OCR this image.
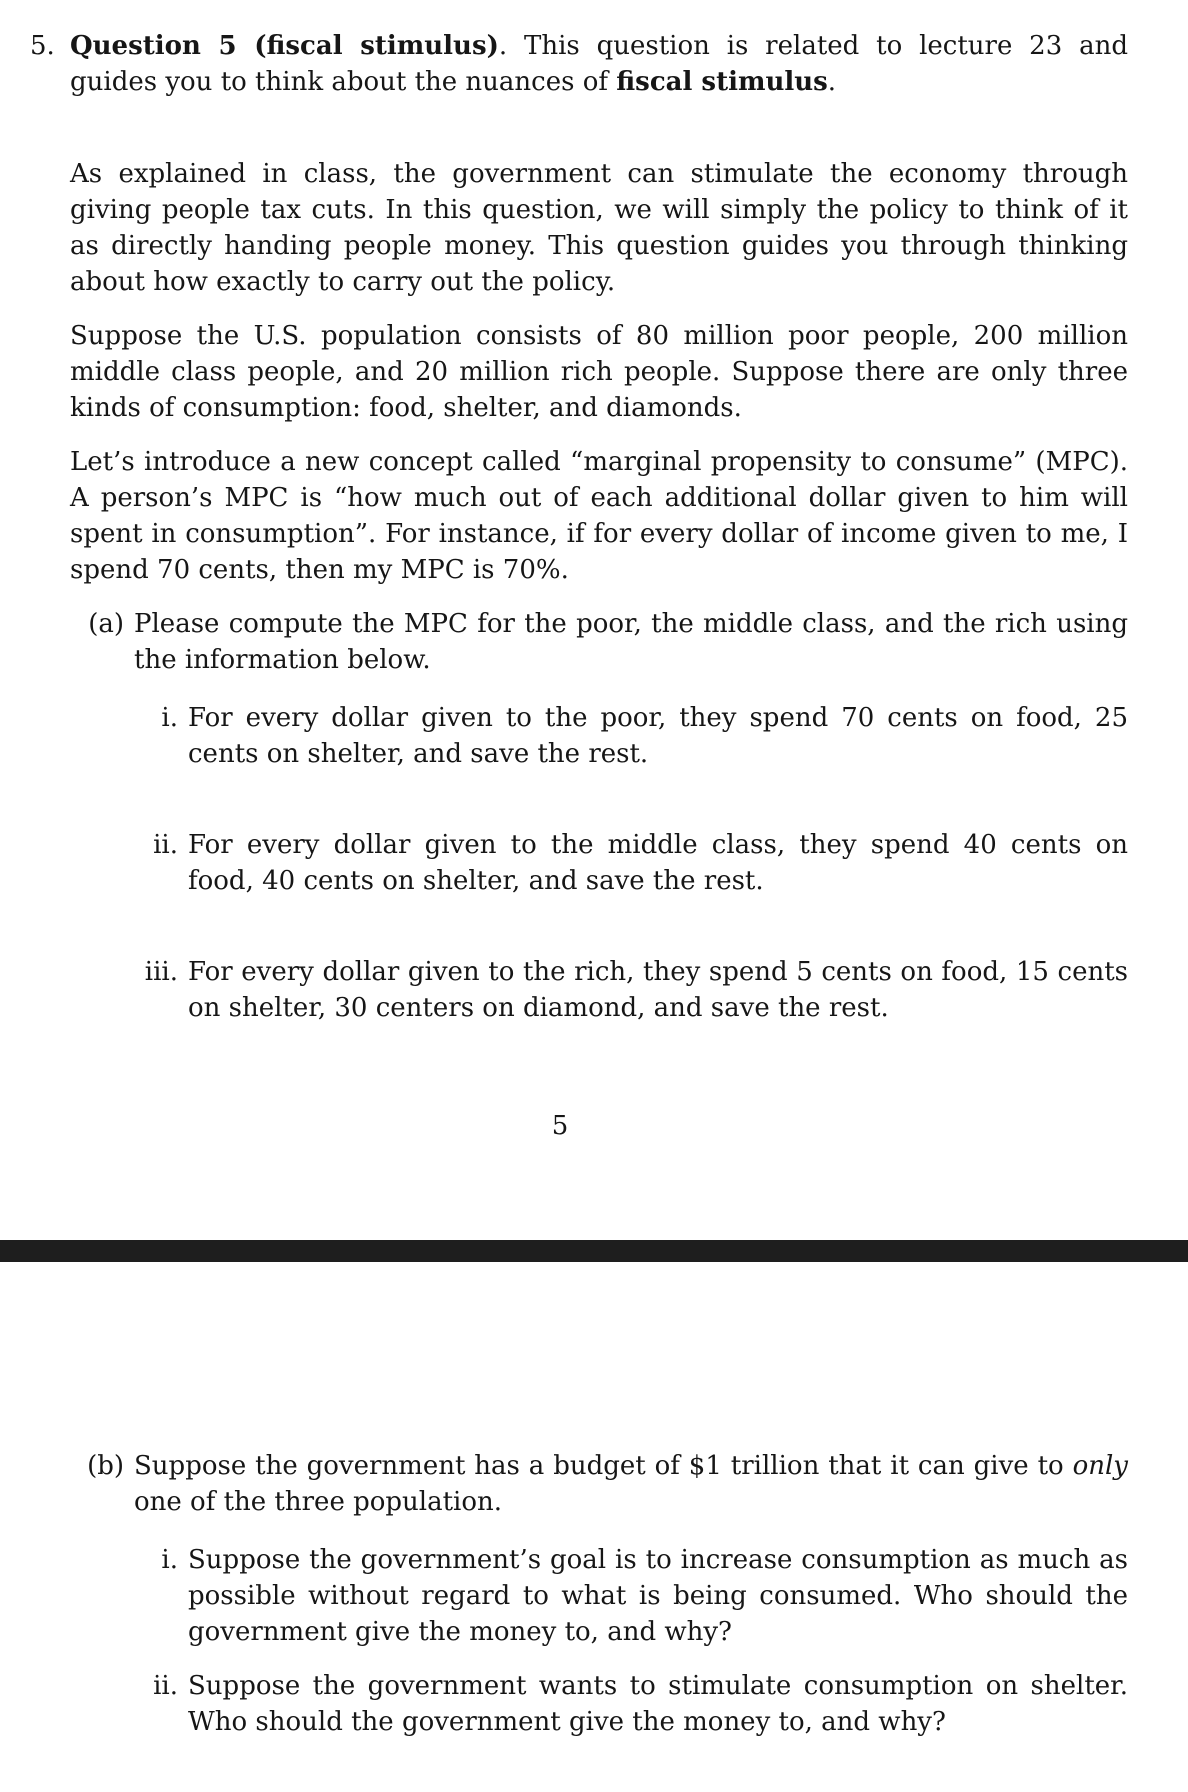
5. Question 5 (fiscal stimulus). This question is related to lecture 23 and guides you to think about the nuances of fiscal stimulus.
As explained in class, the government can stimulate the economy through giving people tax cuts. In this question, we will simply the policy to think of it as directly handing people money. This question guides you through thinking about how exactly to carry out the policy.
Suppose the U.S. population consists of 80 million poor people, 200 million middle class people, and 20 million rich people. Suppose there are only three kinds of consumption: food, shelter, and diamonds.
Let’s introduce a new concept called “marginal propensity to consume” (MPC). A person’s MPC is “how much out of each additional dollar given to him will spent in consumption”. For instance, if for every dollar of income given to me, I spend 70 cents, then my MPC is 70%.
(a) Please compute the MPC for the poor, the middle class, and the rich using the information below.
i. For every dollar given to the poor, they spend 70 cents on food, 25 cents on shelter, and save the rest.
ii. For every dollar given to the middle class, they spend 40 cents on food, 40 cents on shelter, and save the rest.
iii. For every dollar given to the rich, they spend 5 cents on food, 15 cents on shelter, 30 centers on diamond, and save the rest.
5
(b) Suppose the government has a budget of $1 trillion that it can give to only one of the three population.
i. Suppose the government’s goal is to increase consumption as much as possible without regard to what is being consumed. Who should the government give the money to, and why?
ii. Suppose the government wants to stimulate consumption on shelter. Who should the government give the money to, and why?
